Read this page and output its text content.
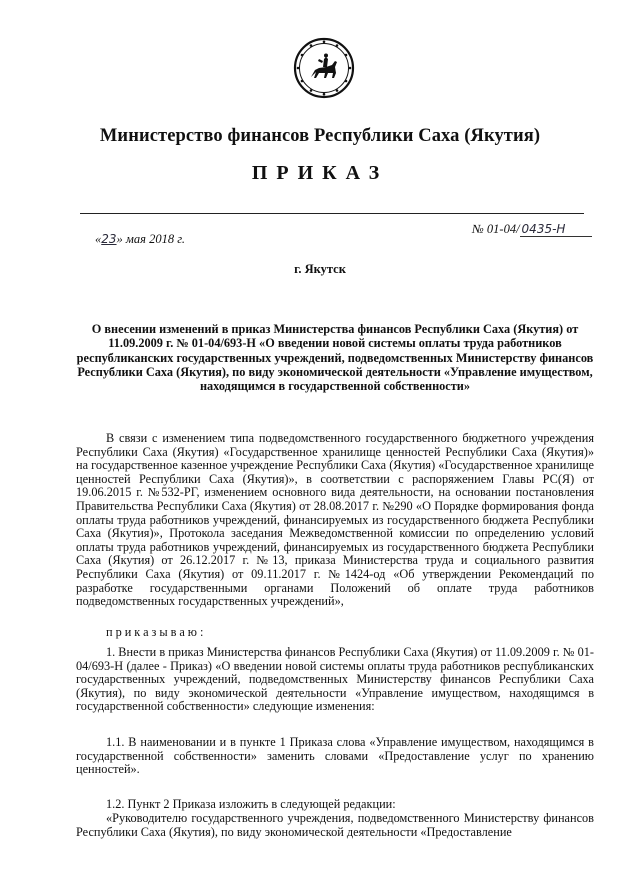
Министерство финансов Республики Саха (Якутия)
ПРИКАЗ
«23» мая 2018 г.
№ 01-04/ 0435-Н
г. Якутск
О внесении изменений в приказ Министерства финансов Республики Саха (Якутия) от 11.09.2009 г. № 01-04/693-Н «О введении новой системы оплаты труда работников республиканских государственных учреждений, подведомственных Министерству финансов Республики Саха (Якутия), по виду экономической деятельности «Управление имуществом, находящимся в государственной собственности»

В связи с изменением типа подведомственного государственного бюджетного учреждения Республики Саха (Якутия) «Государственное хранилище ценностей Республики Саха (Якутия)» на государственное казенное учреждение Республики Саха (Якутия) «Государственное хранилище ценностей Республики Саха (Якутия)», в соответствии с распоряжением Главы РС(Я) от 19.06.2015 г. №532-РГ, изменением основного вида деятельности, на основании постановления Правительства Республики Саха (Якутия) от 28.08.2017 г. №290 «О Порядке формирования фонда оплаты труда работников учреждений, финансируемых из государственного бюджета Республики Саха (Якутия)», Протокола заседания Межведомственной комиссии по определению условий оплаты труда работников учреждений, финансируемых из государственного бюджета Республики Саха (Якутия) от 26.12.2017 г. №13, приказа Министерства труда и социального развития Республики Саха (Якутия) от 09.11.2017 г. №1424-од «Об утверждении Рекомендаций по разработке государственными органами Положений об оплате труда работников подведомственных государственных учреждений»,

приказываю:

1. Внести в приказ Министерства финансов Республики Саха (Якутия) от 11.09.2009 г. № 01-04/693-Н (далее - Приказ) «О введении новой системы оплаты труда работников республиканских государственных учреждений, подведомственных Министерству финансов Республики Саха (Якутия), по виду экономической деятельности «Управление имуществом, находящимся в государственной собственности» следующие изменения:

1.1. В наименовании и в пункте 1 Приказа слова «Управление имуществом, находящимся в государственной собственности» заменить словами «Предоставление услуг по хранению ценностей».

1.2. Пункт 2 Приказа изложить в следующей редакции:

«Руководителю государственного учреждения, подведомственного Министерству финансов Республики Саха (Якутия), по виду экономической деятельности «Предоставление
